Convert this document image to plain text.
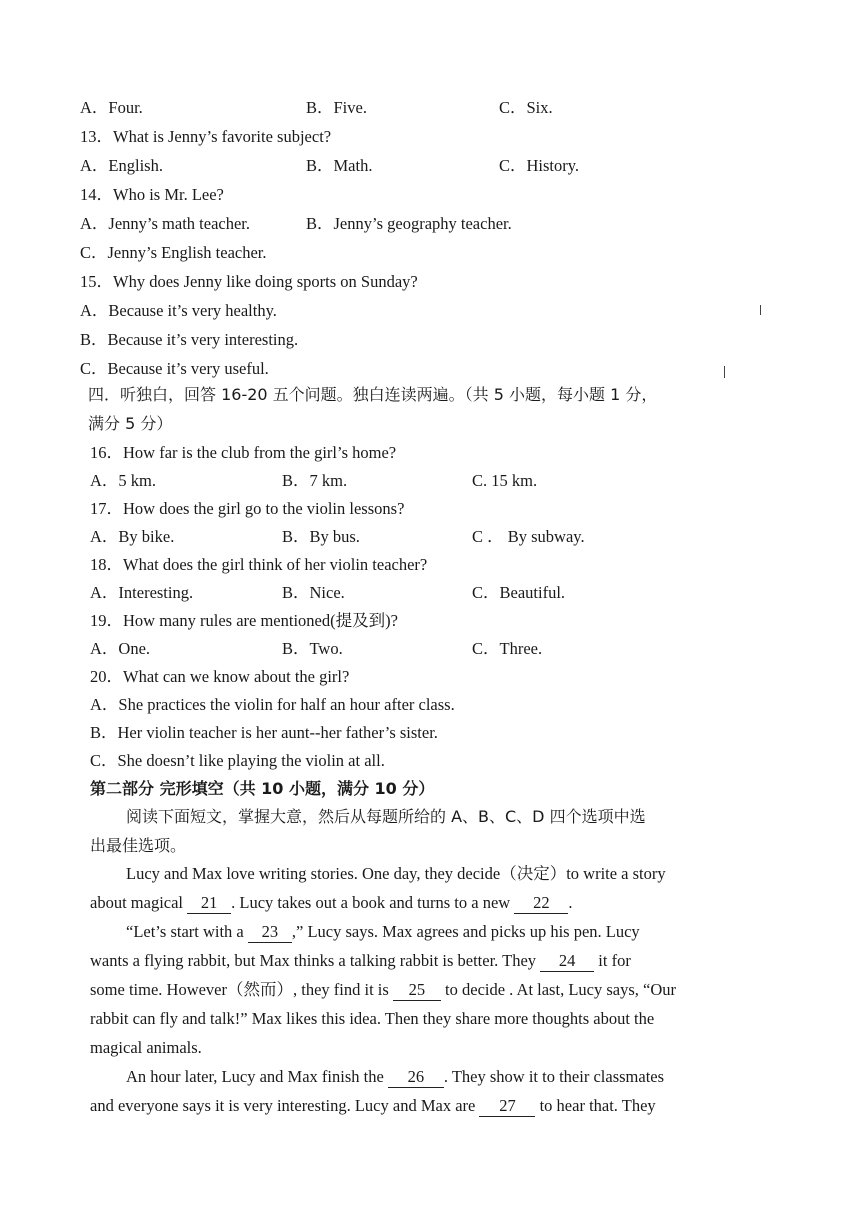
A．Four.	B．Five.	C．Six.
13．What is Jenny’s favorite subject?
A．English.	B．Math.	C．History.
14．Who is Mr. Lee?
A．Jenny’s math teacher.	B．Jenny’s geography teacher.
C．Jenny’s English teacher.
15．Why does Jenny like doing sports on Sunday?
A．Because it’s very healthy.
B．Because it’s very interesting.
C．Because it’s very useful.
四．听独白，回答 16-20 五个问题。独白连读两遍。（共 5 小题，每小题 1 分，
满分 5 分）
16．How far is the club from the girl’s home?
A．5 km.	B．7 km.	C. 15 km.
17．How does the girl go to the violin lessons?
A．By bike.	B．By bus.	C ． By subway.
18．What does the girl think of her violin teacher?
A．Interesting.	B．Nice.	C．Beautiful.
19．How many rules are mentioned(提及到)?
A．One.	B．Two.	C．Three.
20．What can we know about the girl?
A．She practices the violin for half an hour after class.
B．Her violin teacher is her aunt--her father’s sister.
C．She doesn’t like playing the violin at all.
第二部分 完形填空（共 10 小题，满分 10 分）
阅读下面短文，掌握大意，然后从每题所给的 A、B、C、D 四个选项中选
出最佳选项。
Lucy and Max love writing stories. One day, they decide（决定）to write a story
about magical 21 . Lucy takes out a book and turns to a new 22 .
“Let’s start with a 23 ,” Lucy says. Max agrees and picks up his pen. Lucy
wants a flying rabbit, but Max thinks a talking rabbit is better. They 24 it for
some time. However（然而）, they find it is 25 to decide . At last, Lucy says, “Our
rabbit can fly and talk!” Max likes this idea. Then they share more thoughts about the
magical animals.
An hour later, Lucy and Max finish the 26 . They show it to their classmates
and everyone says it is very interesting. Lucy and Max are 27 to hear that. They
